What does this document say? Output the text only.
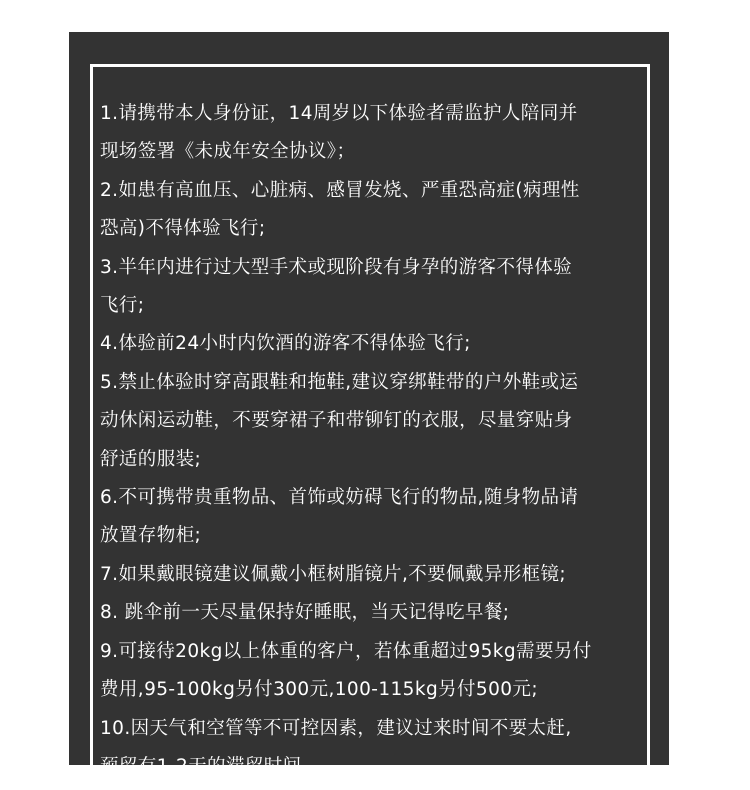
1.请携带本人身份证，14周岁以下体验者需监护人陪同并
现场签署《未成年安全协议》；
2.如患有高血压、心脏病、感冒发烧、严重恐高症(病理性
恐高)不得体验飞行;
3.半年内进行过大型手术或现阶段有身孕的游客不得体验
飞行;
4.体验前24小时内饮酒的游客不得体验飞行;
5.禁止体验时穿高跟鞋和拖鞋,建议穿绑鞋带的户外鞋或运
动休闲运动鞋，不要穿裙子和带铆钉的衣服，尽量穿贴身
舒适的服装;
6.不可携带贵重物品、首饰或妨碍飞行的物品,随身物品请
放置存物柜;
7.如果戴眼镜建议佩戴小框树脂镜片,不要佩戴异形框镜;
8. 跳伞前一天尽量保持好睡眠，当天记得吃早餐;
9.可接待20kg以上体重的客户，若体重超过95kg需要另付
费用,95-100kg另付300元,100-115kg另付500元;
10.因天气和空管等不可控因素，建议过来时间不要太赶,
预留有1-2天的滞留时间
